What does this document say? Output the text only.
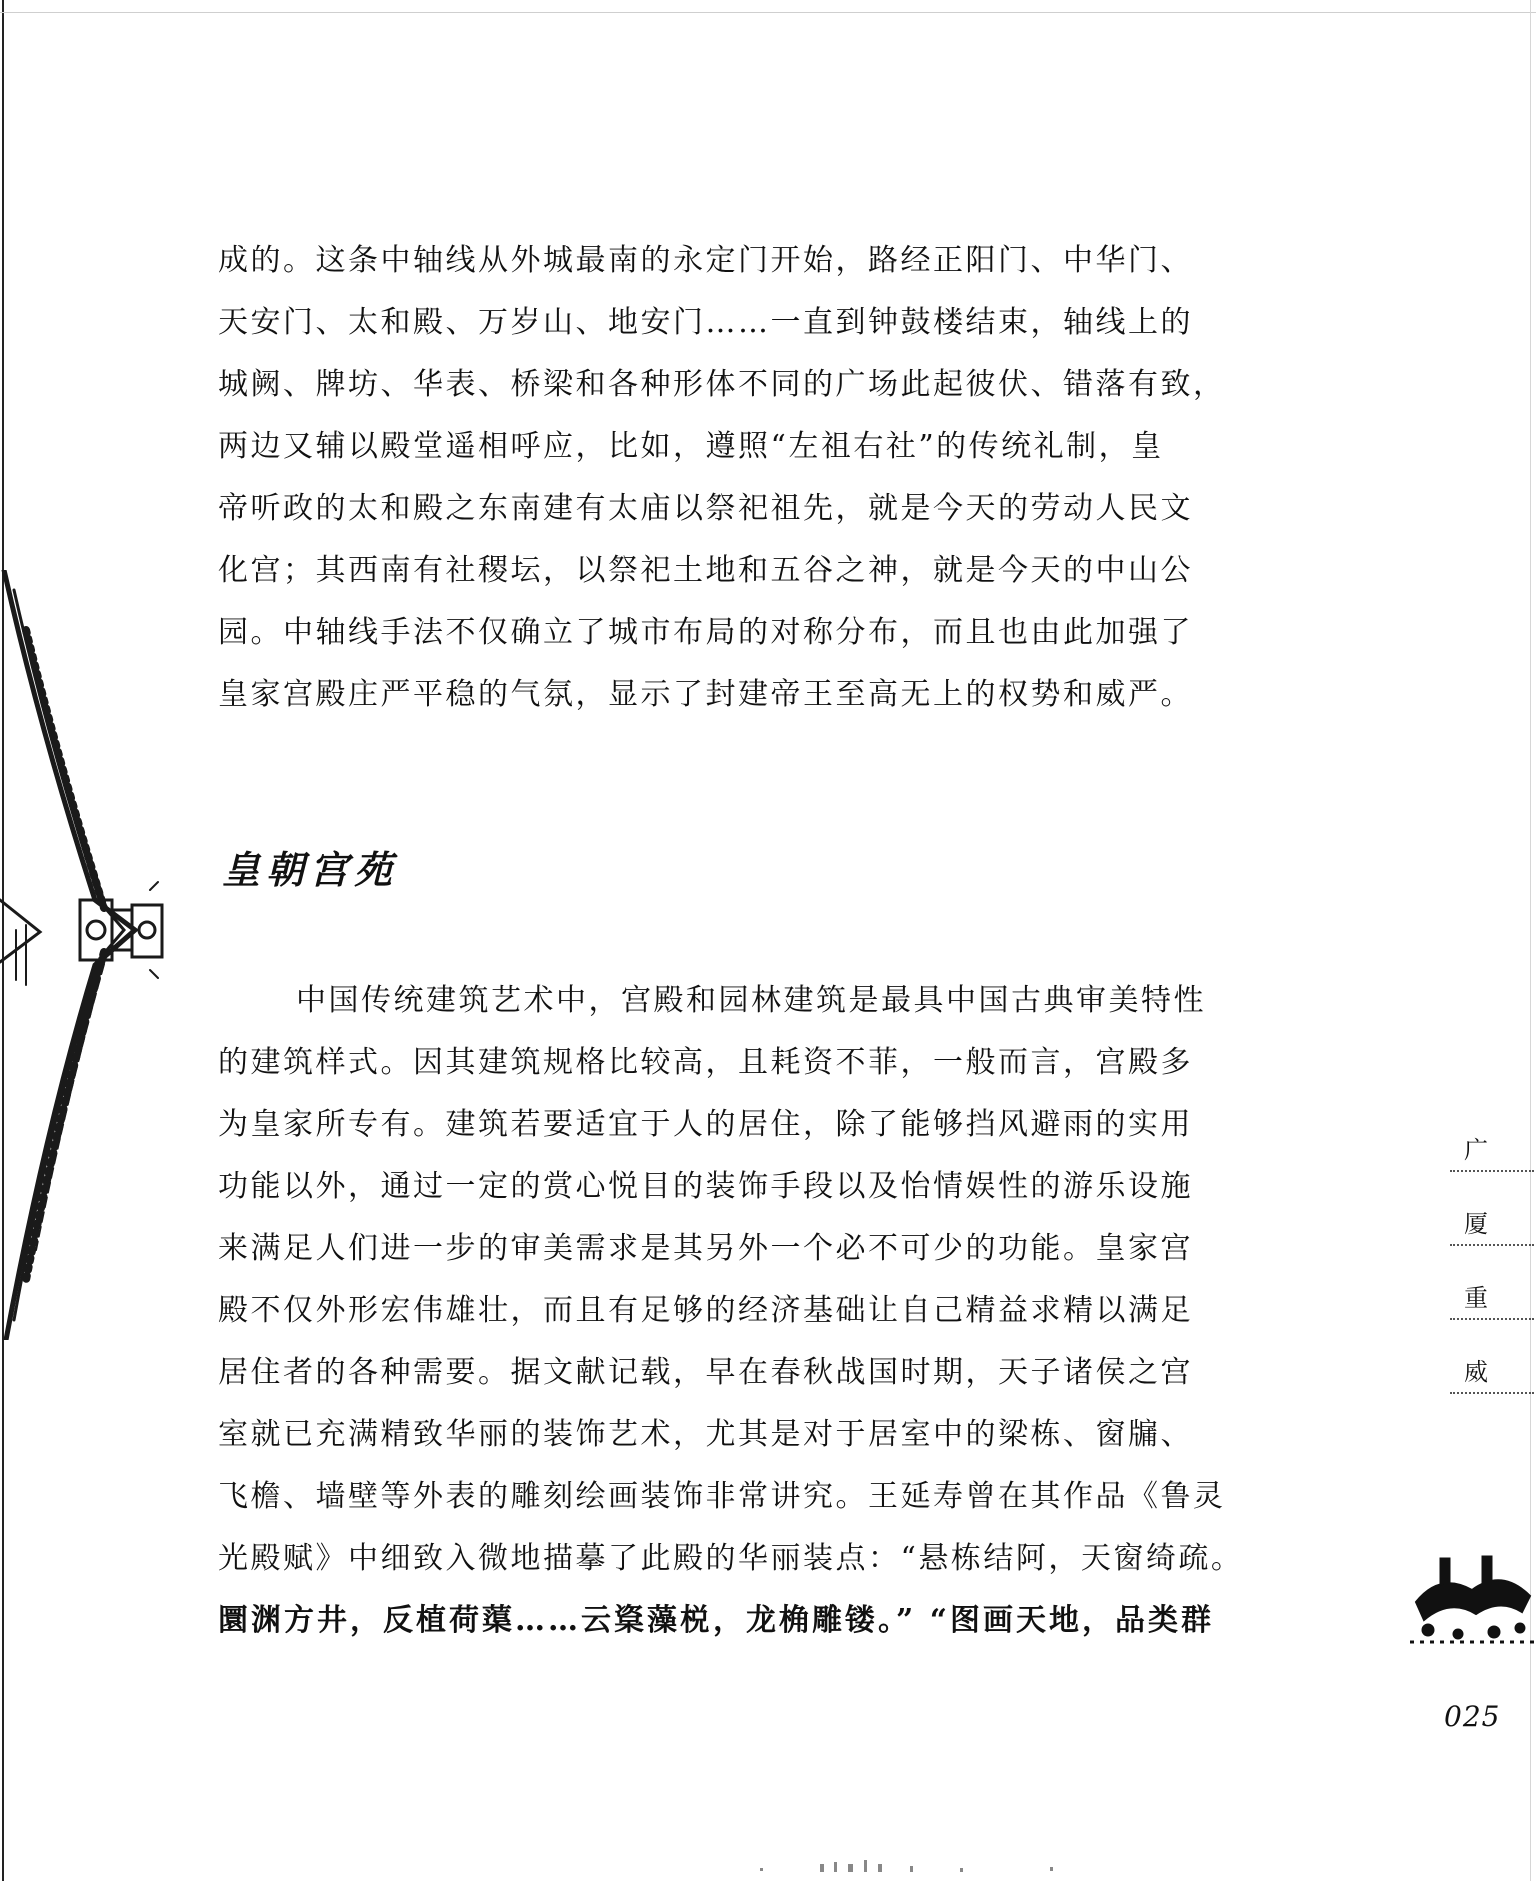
成的。这条中轴线从外城最南的永定门开始，路经正阳门、中华门、
天安门、太和殿、万岁山、地安门……一直到钟鼓楼结束，轴线上的
城阙、牌坊、华表、桥梁和各种形体不同的广场此起彼伏、错落有致，
两边又辅以殿堂遥相呼应，比如，遵照“左祖右社”的传统礼制，皇
帝听政的太和殿之东南建有太庙以祭祀祖先，就是今天的劳动人民文
化宫；其西南有社稷坛，以祭祀土地和五谷之神，就是今天的中山公
园。中轴线手法不仅确立了城市布局的对称分布，而且也由此加强了
皇家宫殿庄严平稳的气氛，显示了封建帝王至高无上的权势和威严。
皇朝宫苑
中国传统建筑艺术中，宫殿和园林建筑是最具中国古典审美特性
的建筑样式。因其建筑规格比较高，且耗资不菲，一般而言，宫殿多
为皇家所专有。建筑若要适宜于人的居住，除了能够挡风避雨的实用
功能以外，通过一定的赏心悦目的装饰手段以及怡情娱性的游乐设施
来满足人们进一步的审美需求是其另外一个必不可少的功能。皇家宫
殿不仅外形宏伟雄壮，而且有足够的经济基础让自己精益求精以满足
居住者的各种需要。据文献记载，早在春秋战国时期，天子诸侯之宫
室就已充满精致华丽的装饰艺术，尤其是对于居室中的梁栋、窗牖、
飞檐、墙壁等外表的雕刻绘画装饰非常讲究。王延寿曾在其作品《鲁灵
光殿赋》中细致入微地描摹了此殿的华丽装点：“悬栋结阿，天窗绮疏。
圜渊方井，反植荷蕖……云楶藻棁，龙桷雕镂。” “图画天地，品类群
广
厦
重
威
025
